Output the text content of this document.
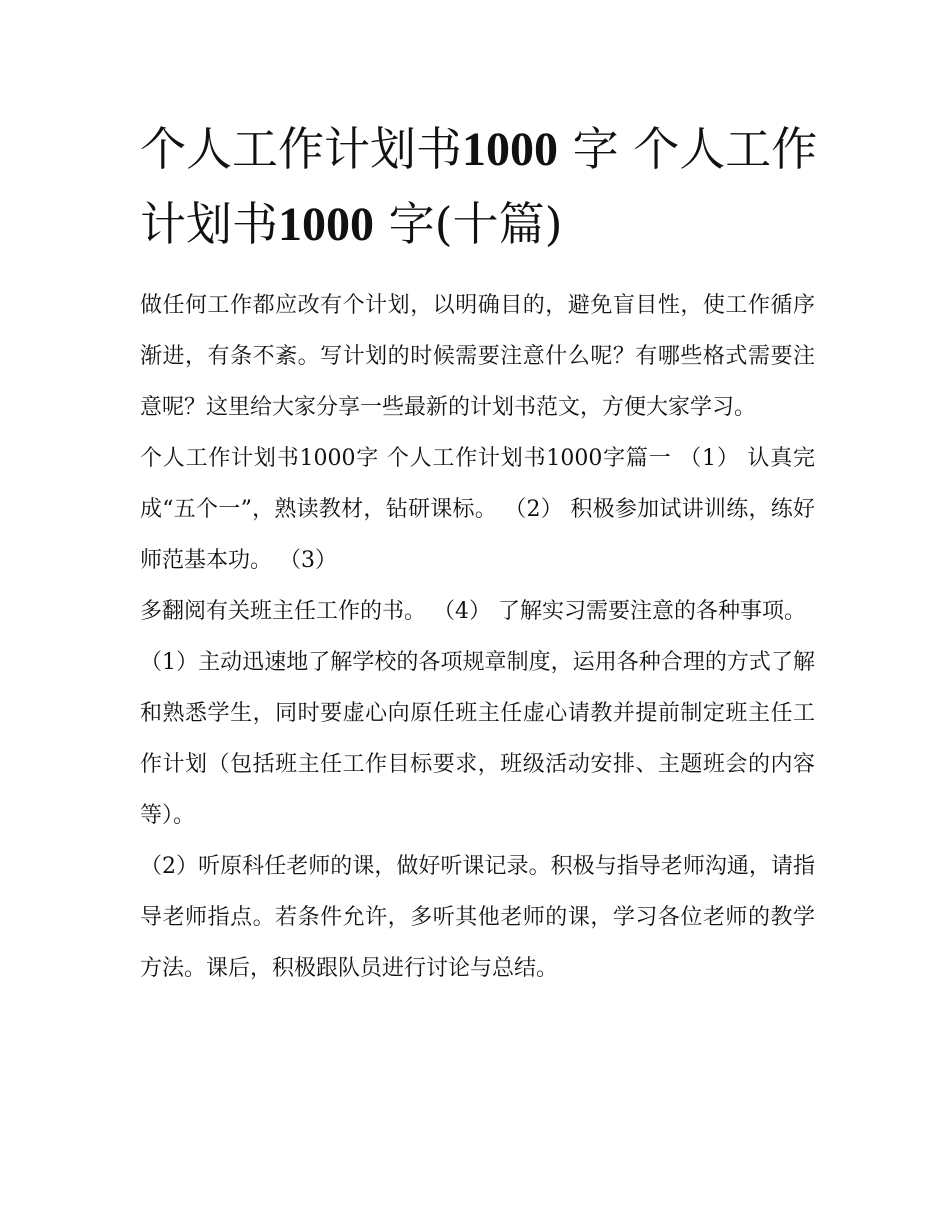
个人工作计划书1000 字 个人工作计划书1000 字(十篇)

做任何工作都应改有个计划，以明确目的，避免盲目性，使工作循序渐进，有条不紊。写计划的时候需要注意什么呢？有哪些格式需要注意呢？这里给大家分享一些最新的计划书范文，方便大家学习。

个人工作计划书1000字 个人工作计划书1000字篇一 （1） 认真完成“五个一”，熟读教材，钻研课标。 （2） 积极参加试讲训练，练好师范基本功。 （3）

多翻阅有关班主任工作的书。 （4） 了解实习需要注意的各种事项。

（1）主动迅速地了解学校的各项规章制度，运用各种合理的方式了解和熟悉学生，同时要虚心向原任班主任虚心请教并提前制定班主任工作计划（包括班主任工作目标要求，班级活动安排、主题班会的内容等）。

（2）听原科任老师的课，做好听课记录。积极与指导老师沟通，请指导老师指点。若条件允许，多听其他老师的课，学习各位老师的教学方法。课后，积极跟队员进行讨论与总结。
